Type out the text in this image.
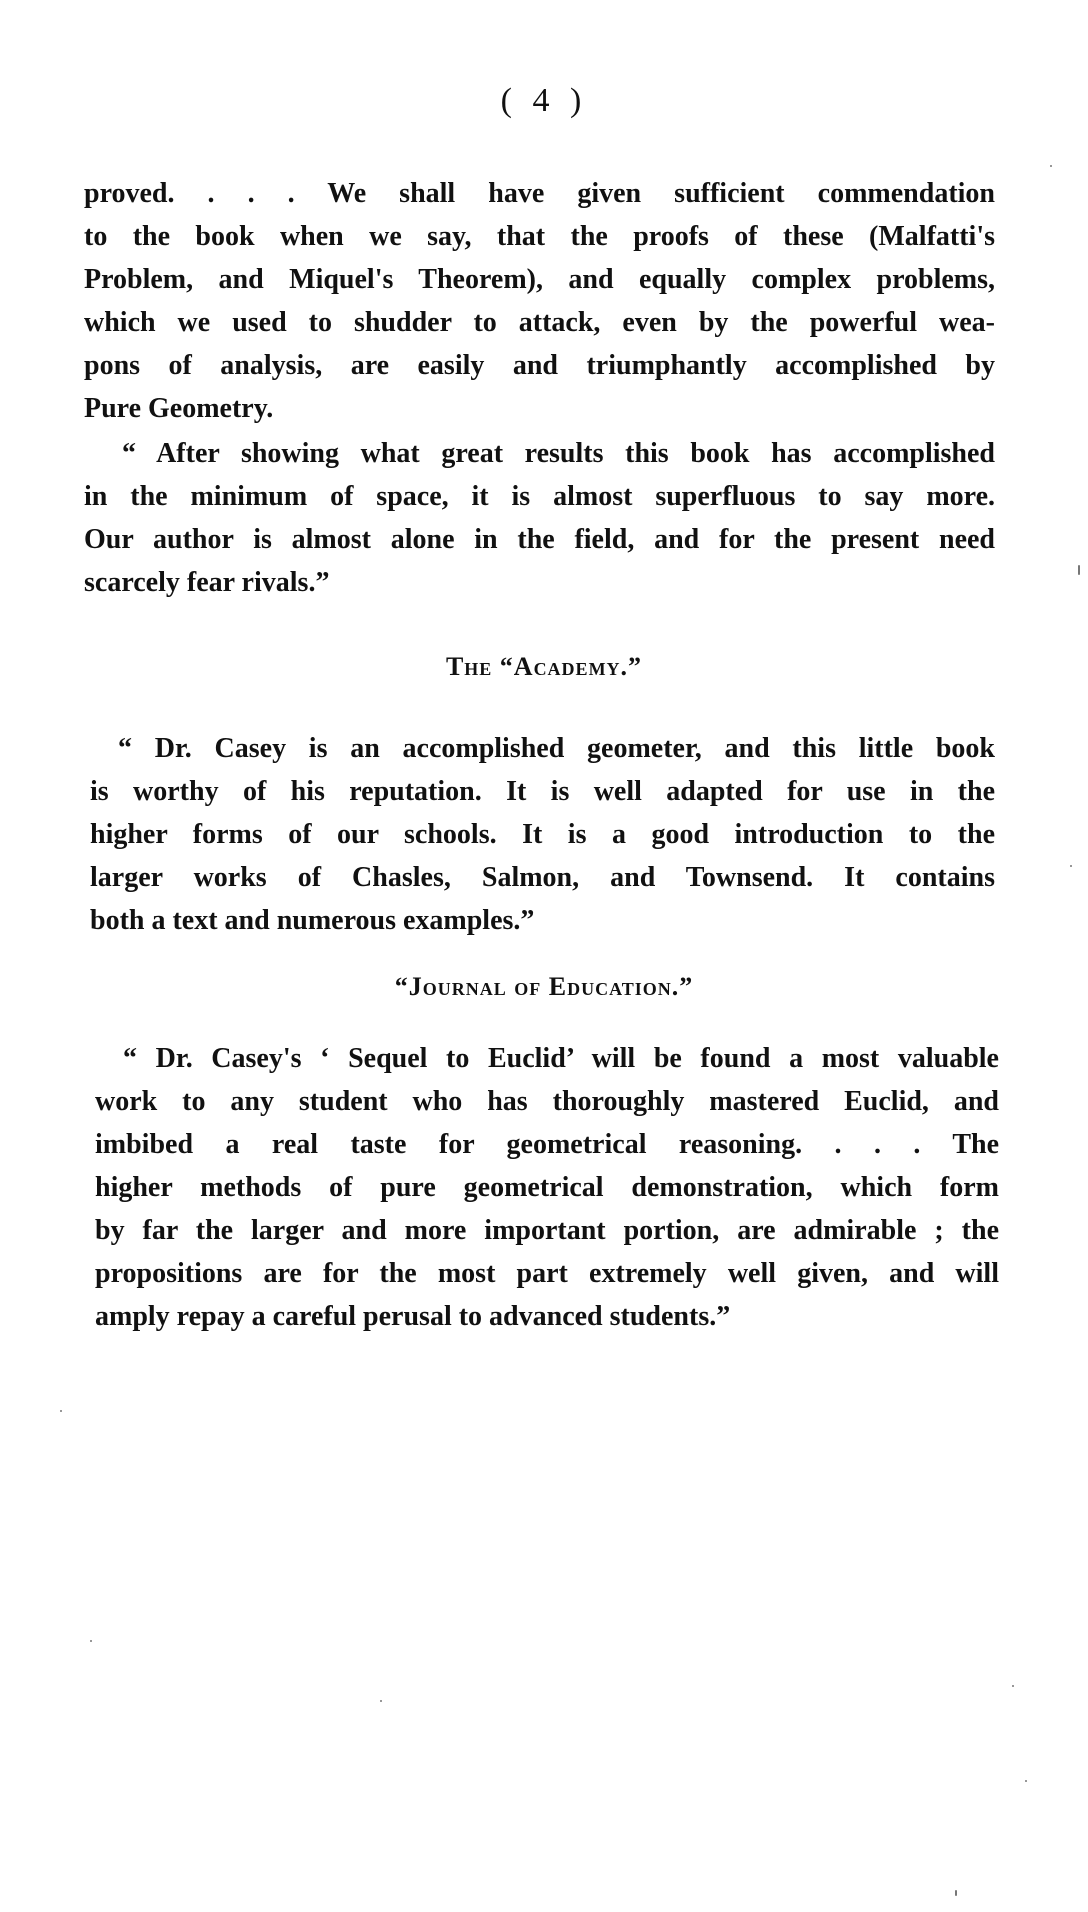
( 4 )
proved. . . . We shall have given sufficient commendation
to the book when we say, that the proofs of these (Malfatti's
Problem, and Miquel's Theorem), and equally complex problems,
which we used to shudder to attack, even by the powerful wea-
pons of analysis, are easily and triumphantly accomplished by
Pure Geometry.
“ After showing what great results this book has accomplished
in the minimum of space, it is almost superfluous to say more.
Our author is almost alone in the field, and for the present need
scarcely fear rivals.”
The “Academy.”
“ Dr. Casey is an accomplished geometer, and this little book
is worthy of his reputation. It is well adapted for use in the
higher forms of our schools. It is a good introduction to the
larger works of Chasles, Salmon, and Townsend. It contains
both a text and numerous examples.”
“Journal of Education.”
“ Dr. Casey's ‘ Sequel to Euclid’ will be found a most valuable
work to any student who has thoroughly mastered Euclid, and
imbibed a real taste for geometrical reasoning. . . . The
higher methods of pure geometrical demonstration, which form
by far the larger and more important portion, are admirable ; the
propositions are for the most part extremely well given, and will
amply repay a careful perusal to advanced students.”
